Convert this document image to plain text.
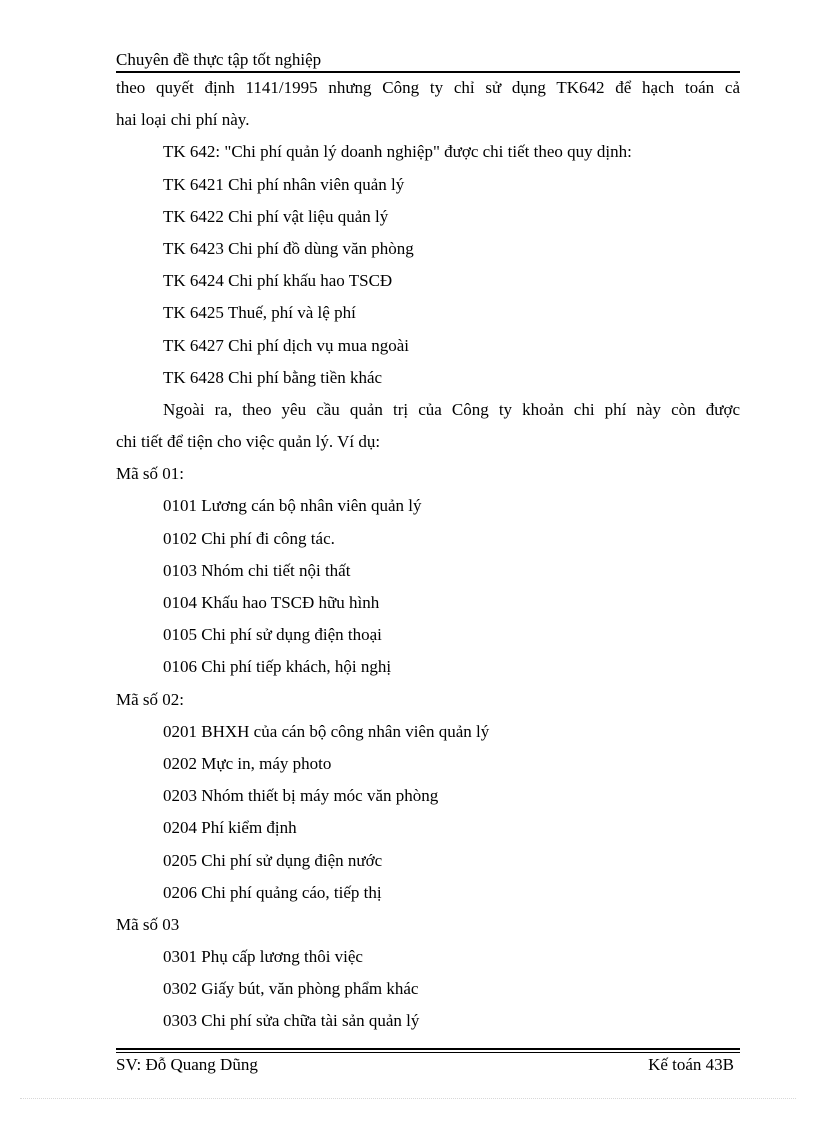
Chuyên đề thực tập tốt nghiệp
theo quyết định 1141/1995 nhưng Công ty chỉ sử dụng TK642 để hạch toán cả
hai loại chi phí này.
TK 642: "Chi phí quản lý doanh nghiệp" được chi tiết theo quy dịnh:
TK 6421 Chi phí nhân viên quản lý
TK 6422 Chi phí vật liệu quản lý
TK 6423 Chi phí đồ dùng văn phòng
TK 6424 Chi phí khấu hao TSCĐ
TK 6425 Thuế, phí và lệ phí
TK 6427 Chi phí dịch vụ mua ngoài
TK 6428 Chi phí bằng tiền khác
Ngoài ra, theo yêu cầu quản trị của Công ty khoản chi phí này còn được
chi tiết để tiện cho việc quản lý. Ví dụ:
Mã số 01:
0101 Lương cán bộ nhân viên quản lý
0102 Chi phí đi công tác.
0103 Nhóm chi tiết nội thất
0104 Khấu hao TSCĐ hữu hình
0105 Chi phí sử dụng điện thoại
0106 Chi phí tiếp khách, hội nghị
Mã số 02:
0201 BHXH của cán bộ công nhân viên quản lý
0202 Mực in, máy photo
0203 Nhóm thiết bị máy móc văn phòng
0204 Phí kiểm định
0205 Chi phí sử dụng điện nước
0206 Chi phí quảng cáo, tiếp thị
Mã số 03
0301 Phụ cấp lương thôi việc
0302 Giấy bút, văn phòng phẩm khác
0303 Chi phí sửa chữa tài sản quản lý
SV: Đỗ Quang Dũng	Kế toán 43B
